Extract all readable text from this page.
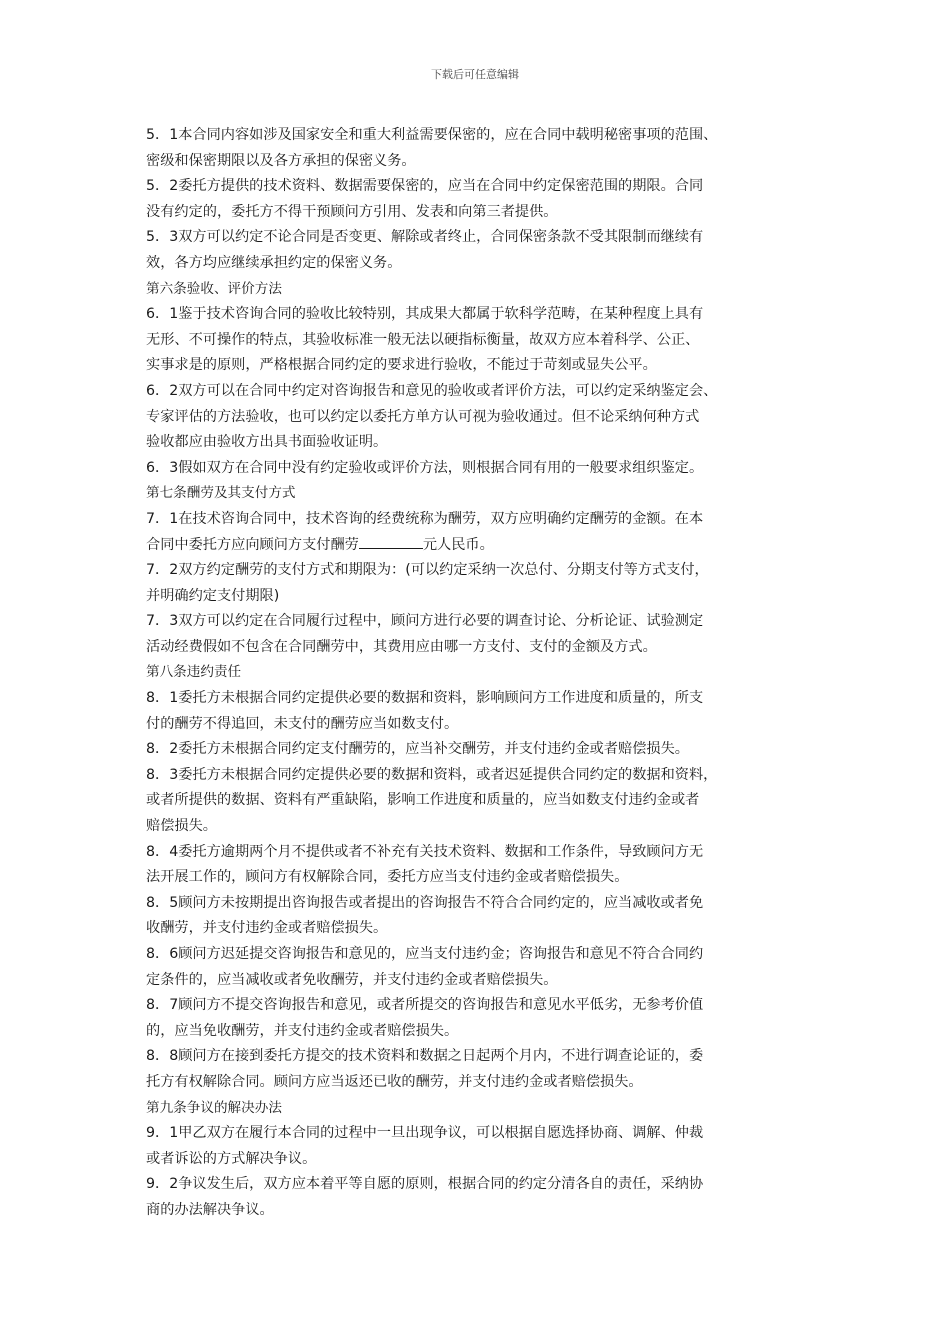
下载后可任意编辑
5．1本合同内容如涉及国家安全和重大利益需要保密的，应在合同中载明秘密事项的范围、
密级和保密期限以及各方承担的保密义务。
5．2委托方提供的技术资料、数据需要保密的，应当在合同中约定保密范围的期限。合同
没有约定的，委托方不得干预顾问方引用、发表和向第三者提供。
5．3双方可以约定不论合同是否变更、解除或者终止，合同保密条款不受其限制而继续有
效，各方均应继续承担约定的保密义务。
第六条验收、评价方法
6．1鉴于技术咨询合同的验收比较特别，其成果大都属于软科学范畴，在某种程度上具有
无形、不可操作的特点，其验收标准一般无法以硬指标衡量，故双方应本着科学、公正、
实事求是的原则，严格根据合同约定的要求进行验收，不能过于苛刻或显失公平。
6．2双方可以在合同中约定对咨询报告和意见的验收或者评价方法，可以约定采纳鉴定会、
专家评估的方法验收，也可以约定以委托方单方认可视为验收通过。但不论采纳何种方式
验收都应由验收方出具书面验收证明。
6．3假如双方在合同中没有约定验收或评价方法，则根据合同有用的一般要求组织鉴定。
第七条酬劳及其支付方式
7．1在技术咨询合同中，技术咨询的经费统称为酬劳，双方应明确约定酬劳的金额。在本
合同中委托方应向顾问方支付酬劳	元人民币。
7．2双方约定酬劳的支付方式和期限为：(可以约定采纳一次总付、分期支付等方式支付，
并明确约定支付期限)
7．3双方可以约定在合同履行过程中，顾问方进行必要的调查讨论、分析论证、试验测定
活动经费假如不包含在合同酬劳中，其费用应由哪一方支付、支付的金额及方式。
第八条违约责任
8．1委托方未根据合同约定提供必要的数据和资料，影响顾问方工作进度和质量的，所支
付的酬劳不得追回，未支付的酬劳应当如数支付。
8．2委托方未根据合同约定支付酬劳的，应当补交酬劳，并支付违约金或者赔偿损失。
8．3委托方未根据合同约定提供必要的数据和资料，或者迟延提供合同约定的数据和资料，
或者所提供的数据、资料有严重缺陷，影响工作进度和质量的，应当如数支付违约金或者
赔偿损失。
8．4委托方逾期两个月不提供或者不补充有关技术资料、数据和工作条件，导致顾问方无
法开展工作的，顾问方有权解除合同，委托方应当支付违约金或者赔偿损失。
8．5顾问方未按期提出咨询报告或者提出的咨询报告不符合合同约定的，应当减收或者免
收酬劳，并支付违约金或者赔偿损失。
8．6顾问方迟延提交咨询报告和意见的，应当支付违约金；咨询报告和意见不符合合同约
定条件的，应当减收或者免收酬劳，并支付违约金或者赔偿损失。
8．7顾问方不提交咨询报告和意见，或者所提交的咨询报告和意见水平低劣，无参考价值
的，应当免收酬劳，并支付违约金或者赔偿损失。
8．8顾问方在接到委托方提交的技术资料和数据之日起两个月内，不进行调查论证的，委
托方有权解除合同。顾问方应当返还已收的酬劳，并支付违约金或者赔偿损失。
第九条争议的解决办法
9．1甲乙双方在履行本合同的过程中一旦出现争议，可以根据自愿选择协商、调解、仲裁
或者诉讼的方式解决争议。
9．2争议发生后，双方应本着平等自愿的原则，根据合同的约定分清各自的责任，采纳协
商的办法解决争议。
